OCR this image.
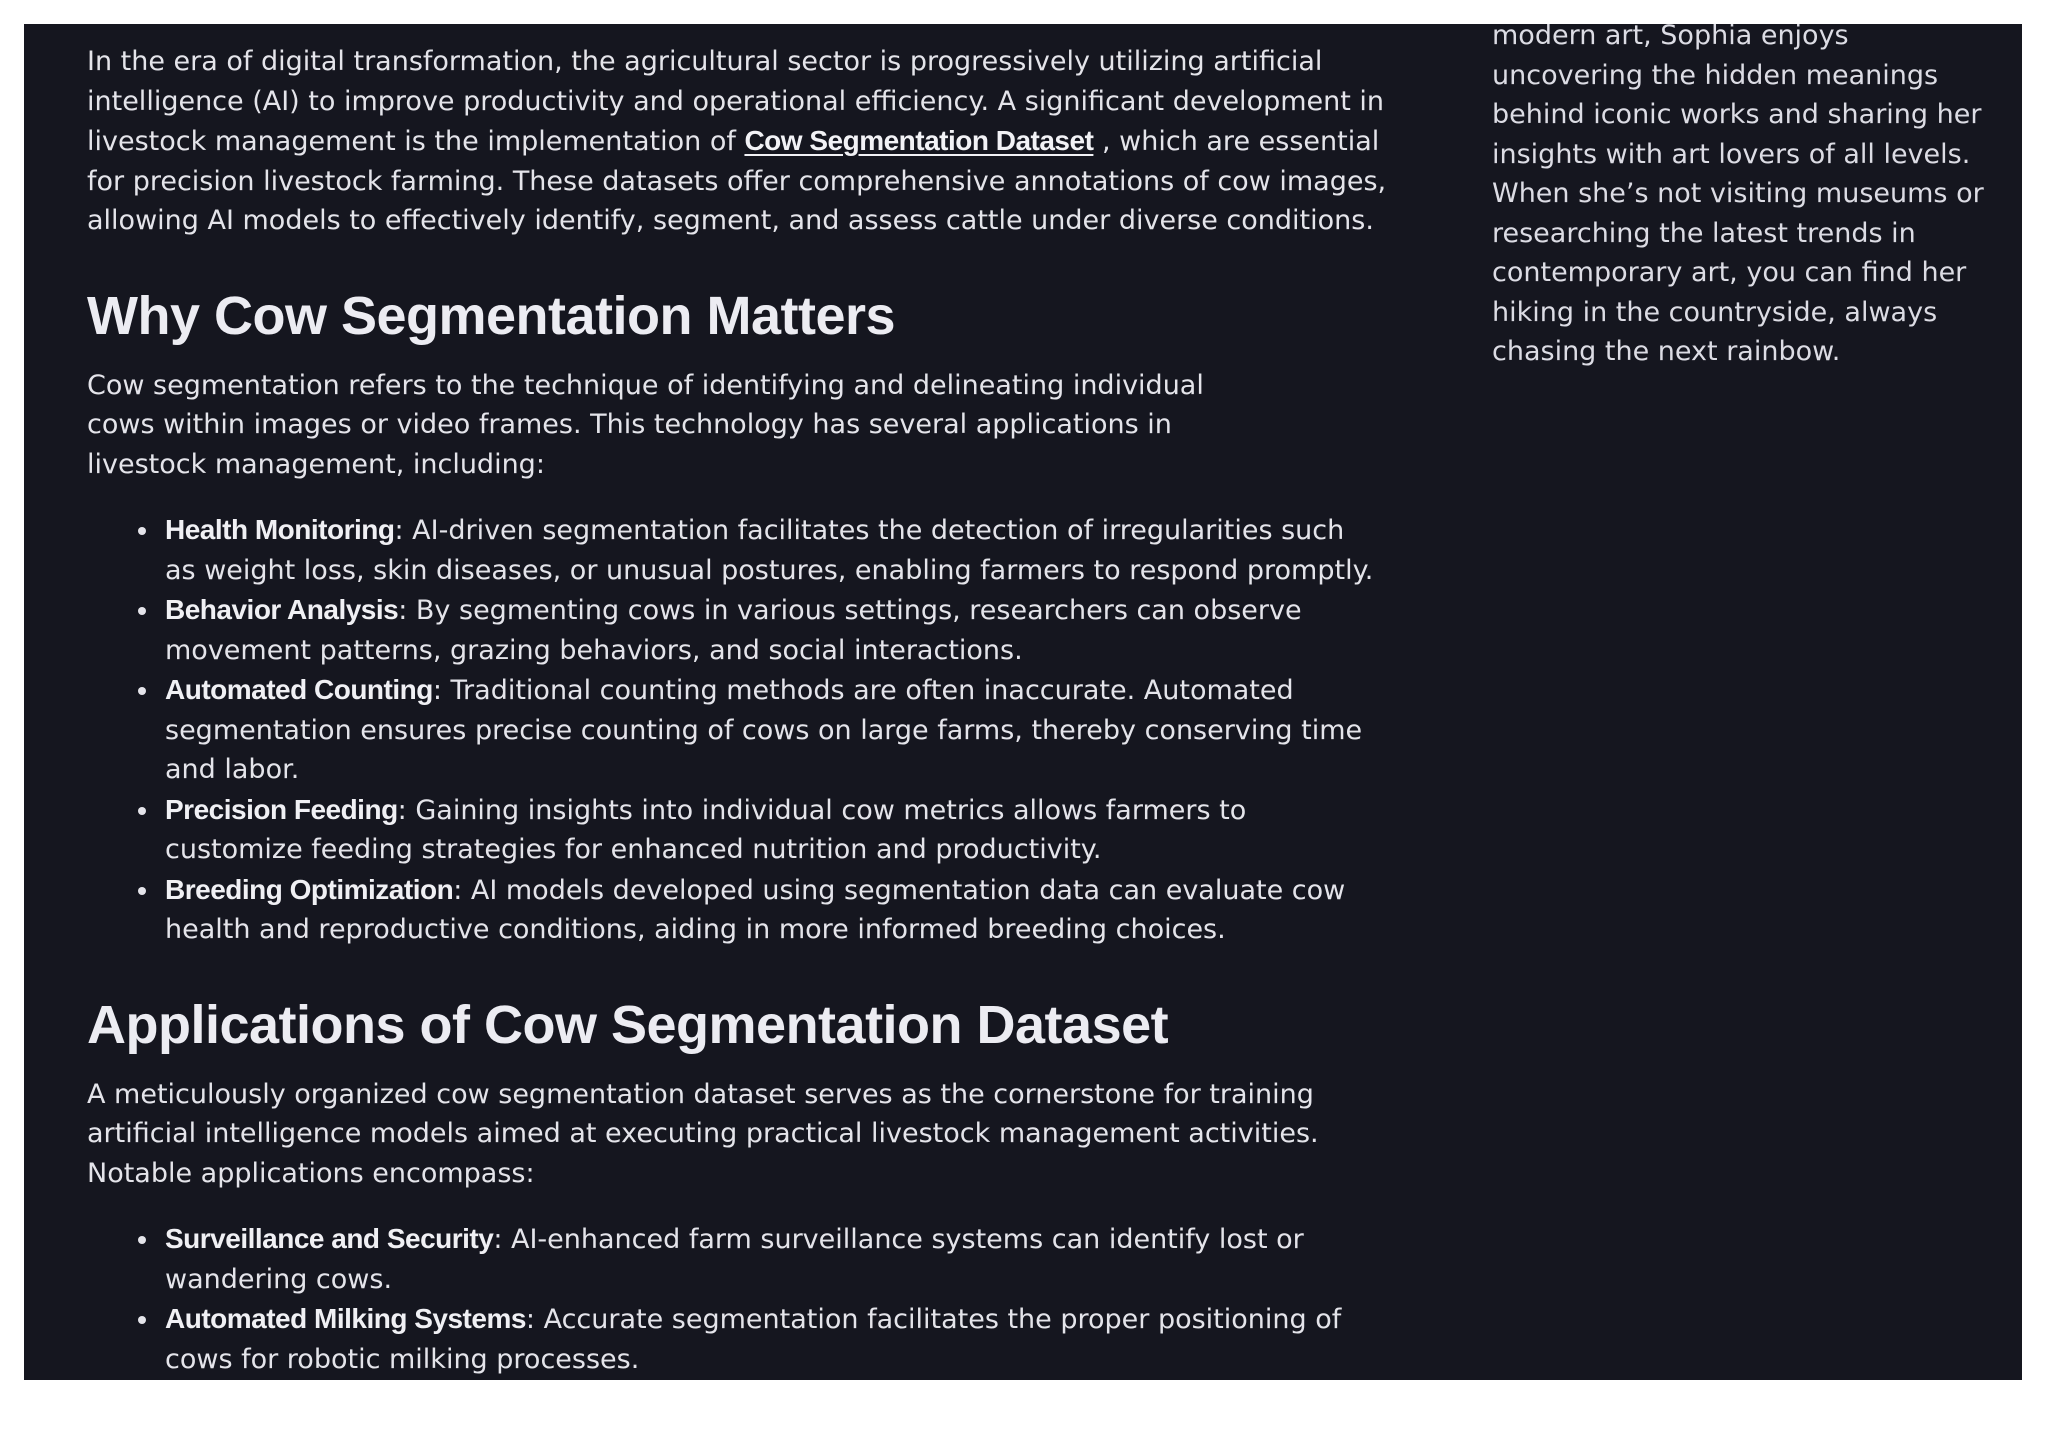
In the era of digital transformation, the agricultural sector is progressively utilizing artificial intelligence (AI) to improve productivity and operational efficiency. A significant development in livestock management is the implementation of Cow Segmentation Dataset , which are essential for precision livestock farming. These datasets offer comprehensive annotations of cow images, allowing AI models to effectively identify, segment, and assess cattle under diverse conditions.

Why Cow Segmentation Matters

Cow segmentation refers to the technique of identifying and delineating individual cows within images or video frames. This technology has several applications in livestock management, including:

Health Monitoring: AI-driven segmentation facilitates the detection of irregularities such as weight loss, skin diseases, or unusual postures, enabling farmers to respond promptly.
Behavior Analysis: By segmenting cows in various settings, researchers can observe movement patterns, grazing behaviors, and social interactions.
Automated Counting: Traditional counting methods are often inaccurate. Automated segmentation ensures precise counting of cows on large farms, thereby conserving time and labor.
Precision Feeding: Gaining insights into individual cow metrics allows farmers to customize feeding strategies for enhanced nutrition and productivity.
Breeding Optimization: AI models developed using segmentation data can evaluate cow health and reproductive conditions, aiding in more informed breeding choices.
Applications of Cow Segmentation Dataset

A meticulously organized cow segmentation dataset serves as the cornerstone for training artificial intelligence models aimed at executing practical livestock management activities. Notable applications encompass:

Surveillance and Security: AI-enhanced farm surveillance systems can identify lost or wandering cows.
Automated Milking Systems: Accurate segmentation facilitates the proper positioning of cows for robotic milking processes.

modern art, Sophia enjoys uncovering the hidden meanings behind iconic works and sharing her insights with art lovers of all levels. When she’s not visiting museums or researching the latest trends in contemporary art, you can find her hiking in the countryside, always chasing the next rainbow.
